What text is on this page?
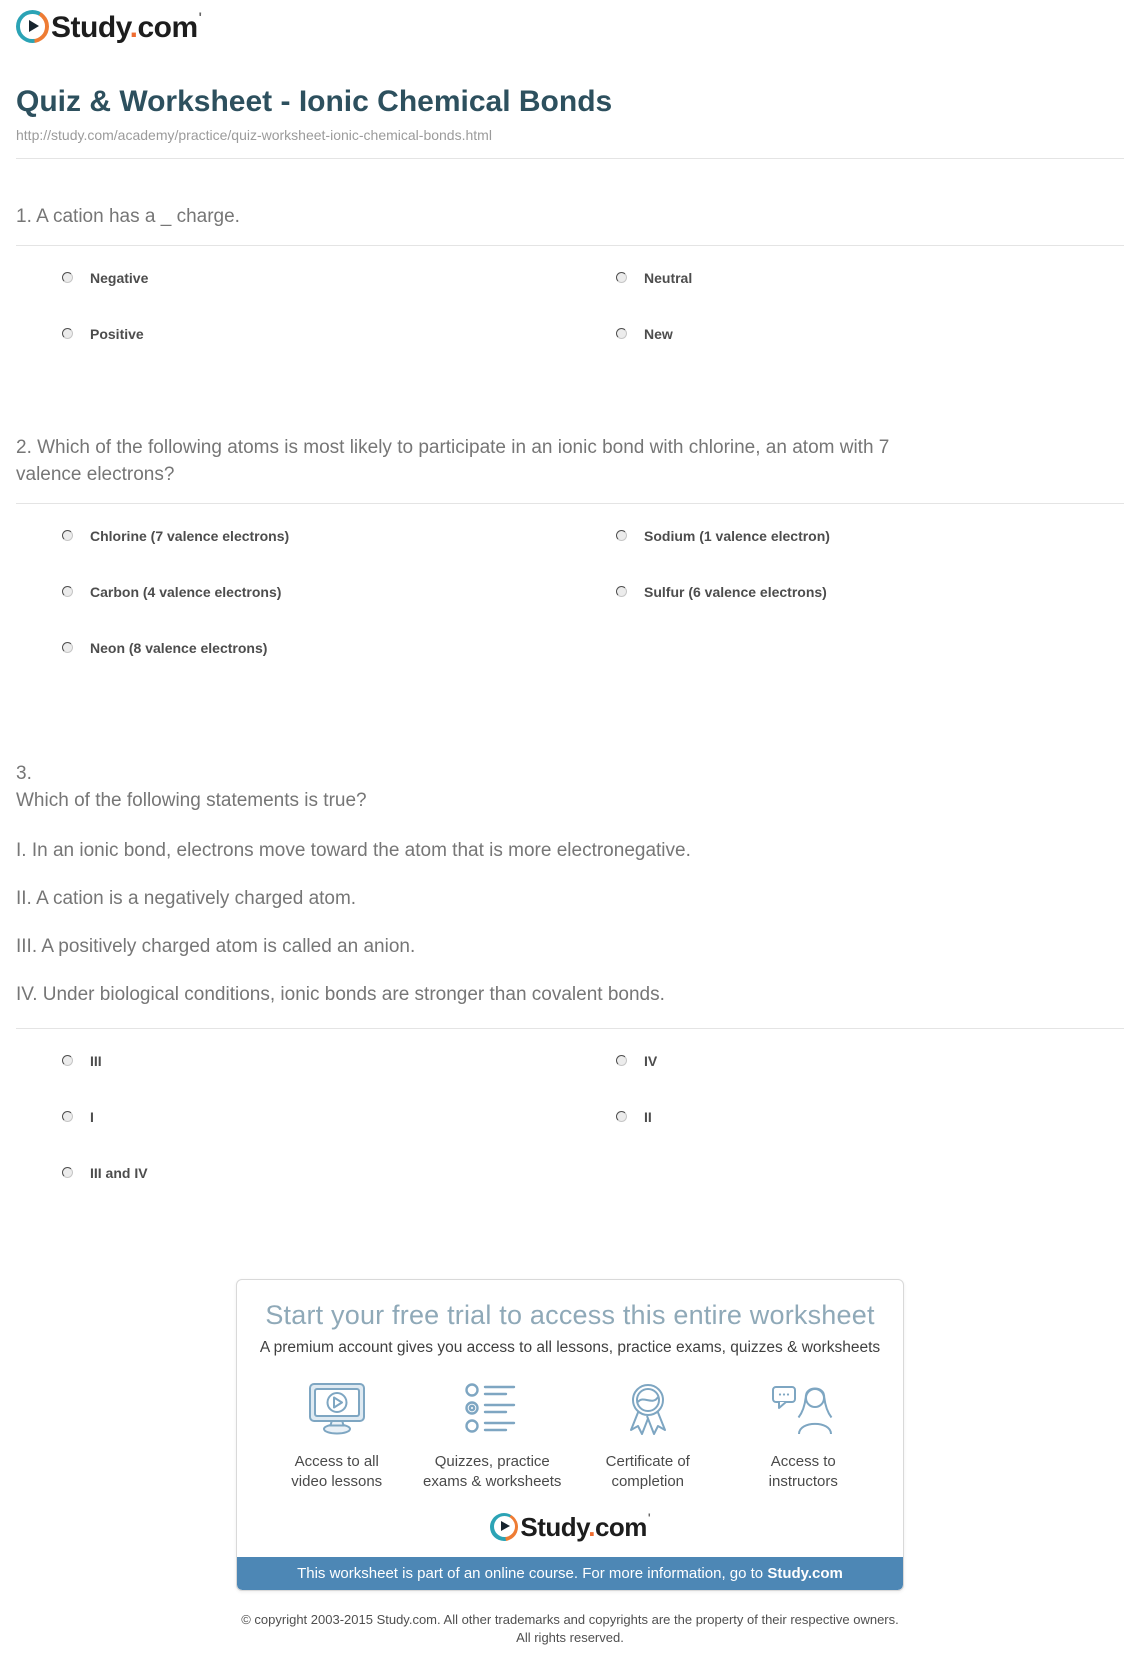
Study.com'
Quiz & Worksheet - Ionic Chemical Bonds
http://study.com/academy/practice/quiz-worksheet-ionic-chemical-bonds.html
1. A cation has a _ charge.
Negative	Neutral
Positive	New
2. Which of the following atoms is most likely to participate in an ionic bond with chlorine, an atom with 7 valence electrons?
Chlorine (7 valence electrons)	Sodium (1 valence electron)
Carbon (4 valence electrons)	Sulfur (6 valence electrons)
Neon (8 valence electrons)
3.
Which of the following statements is true?

I. In an ionic bond, electrons move toward the atom that is more electronegative.

II. A cation is a negatively charged atom.

III. A positively charged atom is called an anion.

IV. Under biological conditions, ionic bonds are stronger than covalent bonds.

III	IV
I	II
III and IV
Start your free trial to access this entire worksheet
A premium account gives you access to all lessons, practice exams, quizzes & worksheets
Access to all
video lessons
Quizzes, practice
exams & worksheets
Certificate of
completion
Access to
instructors
Study.com'
This worksheet is part of an online course. For more information, go to Study.com
© copyright 2003-2015 Study.com. All other trademarks and copyrights are the property of their respective owners.
All rights reserved.
